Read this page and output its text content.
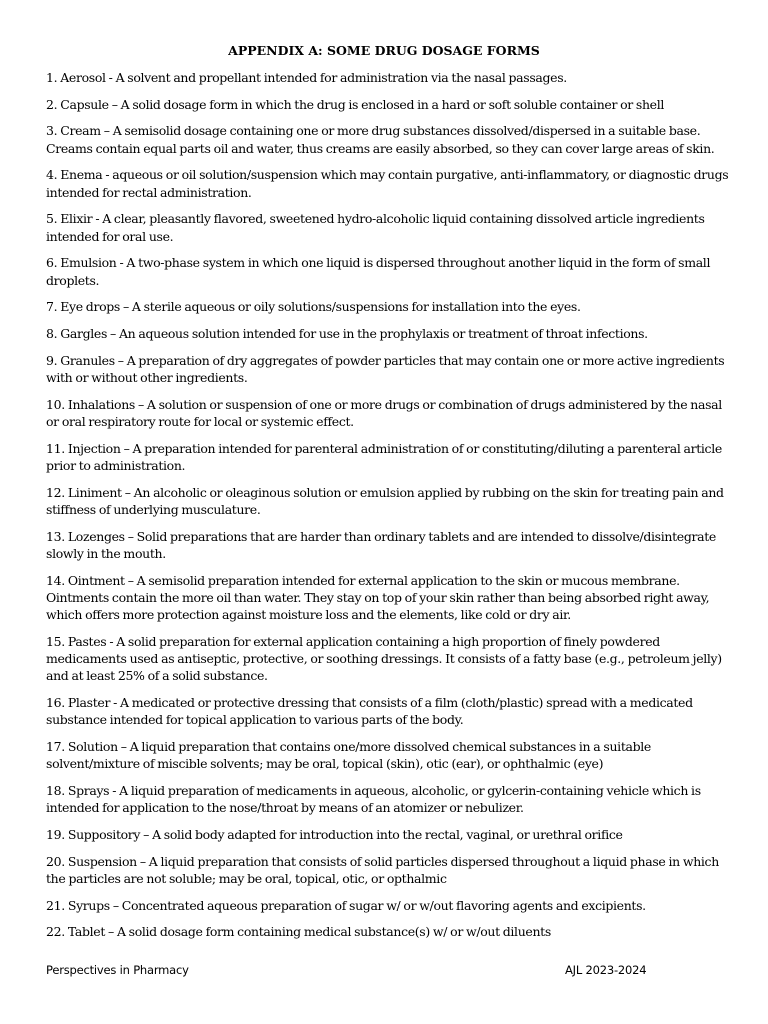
APPENDIX A: SOME DRUG DOSAGE FORMS

1. Aerosol - A solvent and propellant intended for administration via the nasal passages.

2. Capsule – A solid dosage form in which the drug is enclosed in a hard or soft soluble container or shell

3. Cream – A semisolid dosage containing one or more drug substances dissolved/dispersed in a suitable base. Creams contain equal parts oil and water, thus creams are easily absorbed, so they can cover large areas of skin.

4. Enema - aqueous or oil solution/suspension which may contain purgative, anti-inflammatory, or diagnostic drugs intended for rectal administration.

5. Elixir - A clear, pleasantly flavored, sweetened hydro-alcoholic liquid containing dissolved article ingredients intended for oral use.

6. Emulsion - A two-phase system in which one liquid is dispersed throughout another liquid in the form of small droplets.

7. Eye drops – A sterile aqueous or oily solutions/suspensions for installation into the eyes.

8. Gargles – An aqueous solution intended for use in the prophylaxis or treatment of throat infections.

9. Granules – A preparation of dry aggregates of powder particles that may contain one or more active ingredients with or without other ingredients.

10. Inhalations – A solution or suspension of one or more drugs or combination of drugs administered by the nasal or oral respiratory route for local or systemic effect.

11. Injection – A preparation intended for parenteral administration of or constituting/diluting a parenteral article prior to administration.

12. Liniment – An alcoholic or oleaginous solution or emulsion applied by rubbing on the skin for treating pain and stiffness of underlying musculature.

13. Lozenges – Solid preparations that are harder than ordinary tablets and are intended to dissolve/disintegrate slowly in the mouth.

14. Ointment – A semisolid preparation intended for external application to the skin or mucous membrane. Ointments contain the more oil than water. They stay on top of your skin rather than being absorbed right away, which offers more protection against moisture loss and the elements, like cold or dry air.

15. Pastes - A solid preparation for external application containing a high proportion of finely powdered medicaments used as antiseptic, protective, or soothing dressings. It consists of a fatty base (e.g., petroleum jelly) and at least 25% of a solid substance.

16. Plaster - A medicated or protective dressing that consists of a film (cloth/plastic) spread with a medicated substance intended for topical application to various parts of the body.

17. Solution – A liquid preparation that contains one/more dissolved chemical substances in a suitable solvent/mixture of miscible solvents; may be oral, topical (skin), otic (ear), or ophthalmic (eye)

18. Sprays - A liquid preparation of medicaments in aqueous, alcoholic, or gylcerin-containing vehicle which is intended for application to the nose/throat by means of an atomizer or nebulizer.

19. Suppository – A solid body adapted for introduction into the rectal, vaginal, or urethral orifice

20. Suspension – A liquid preparation that consists of solid particles dispersed throughout a liquid phase in which the particles are not soluble; may be oral, topical, otic, or opthalmic

21. Syrups – Concentrated aqueous preparation of sugar w/ or w/out flavoring agents and excipients.

22. Tablet – A solid dosage form containing medical substance(s) w/ or w/out diluents

Perspectives in Pharmacy	AJL 2023-2024
